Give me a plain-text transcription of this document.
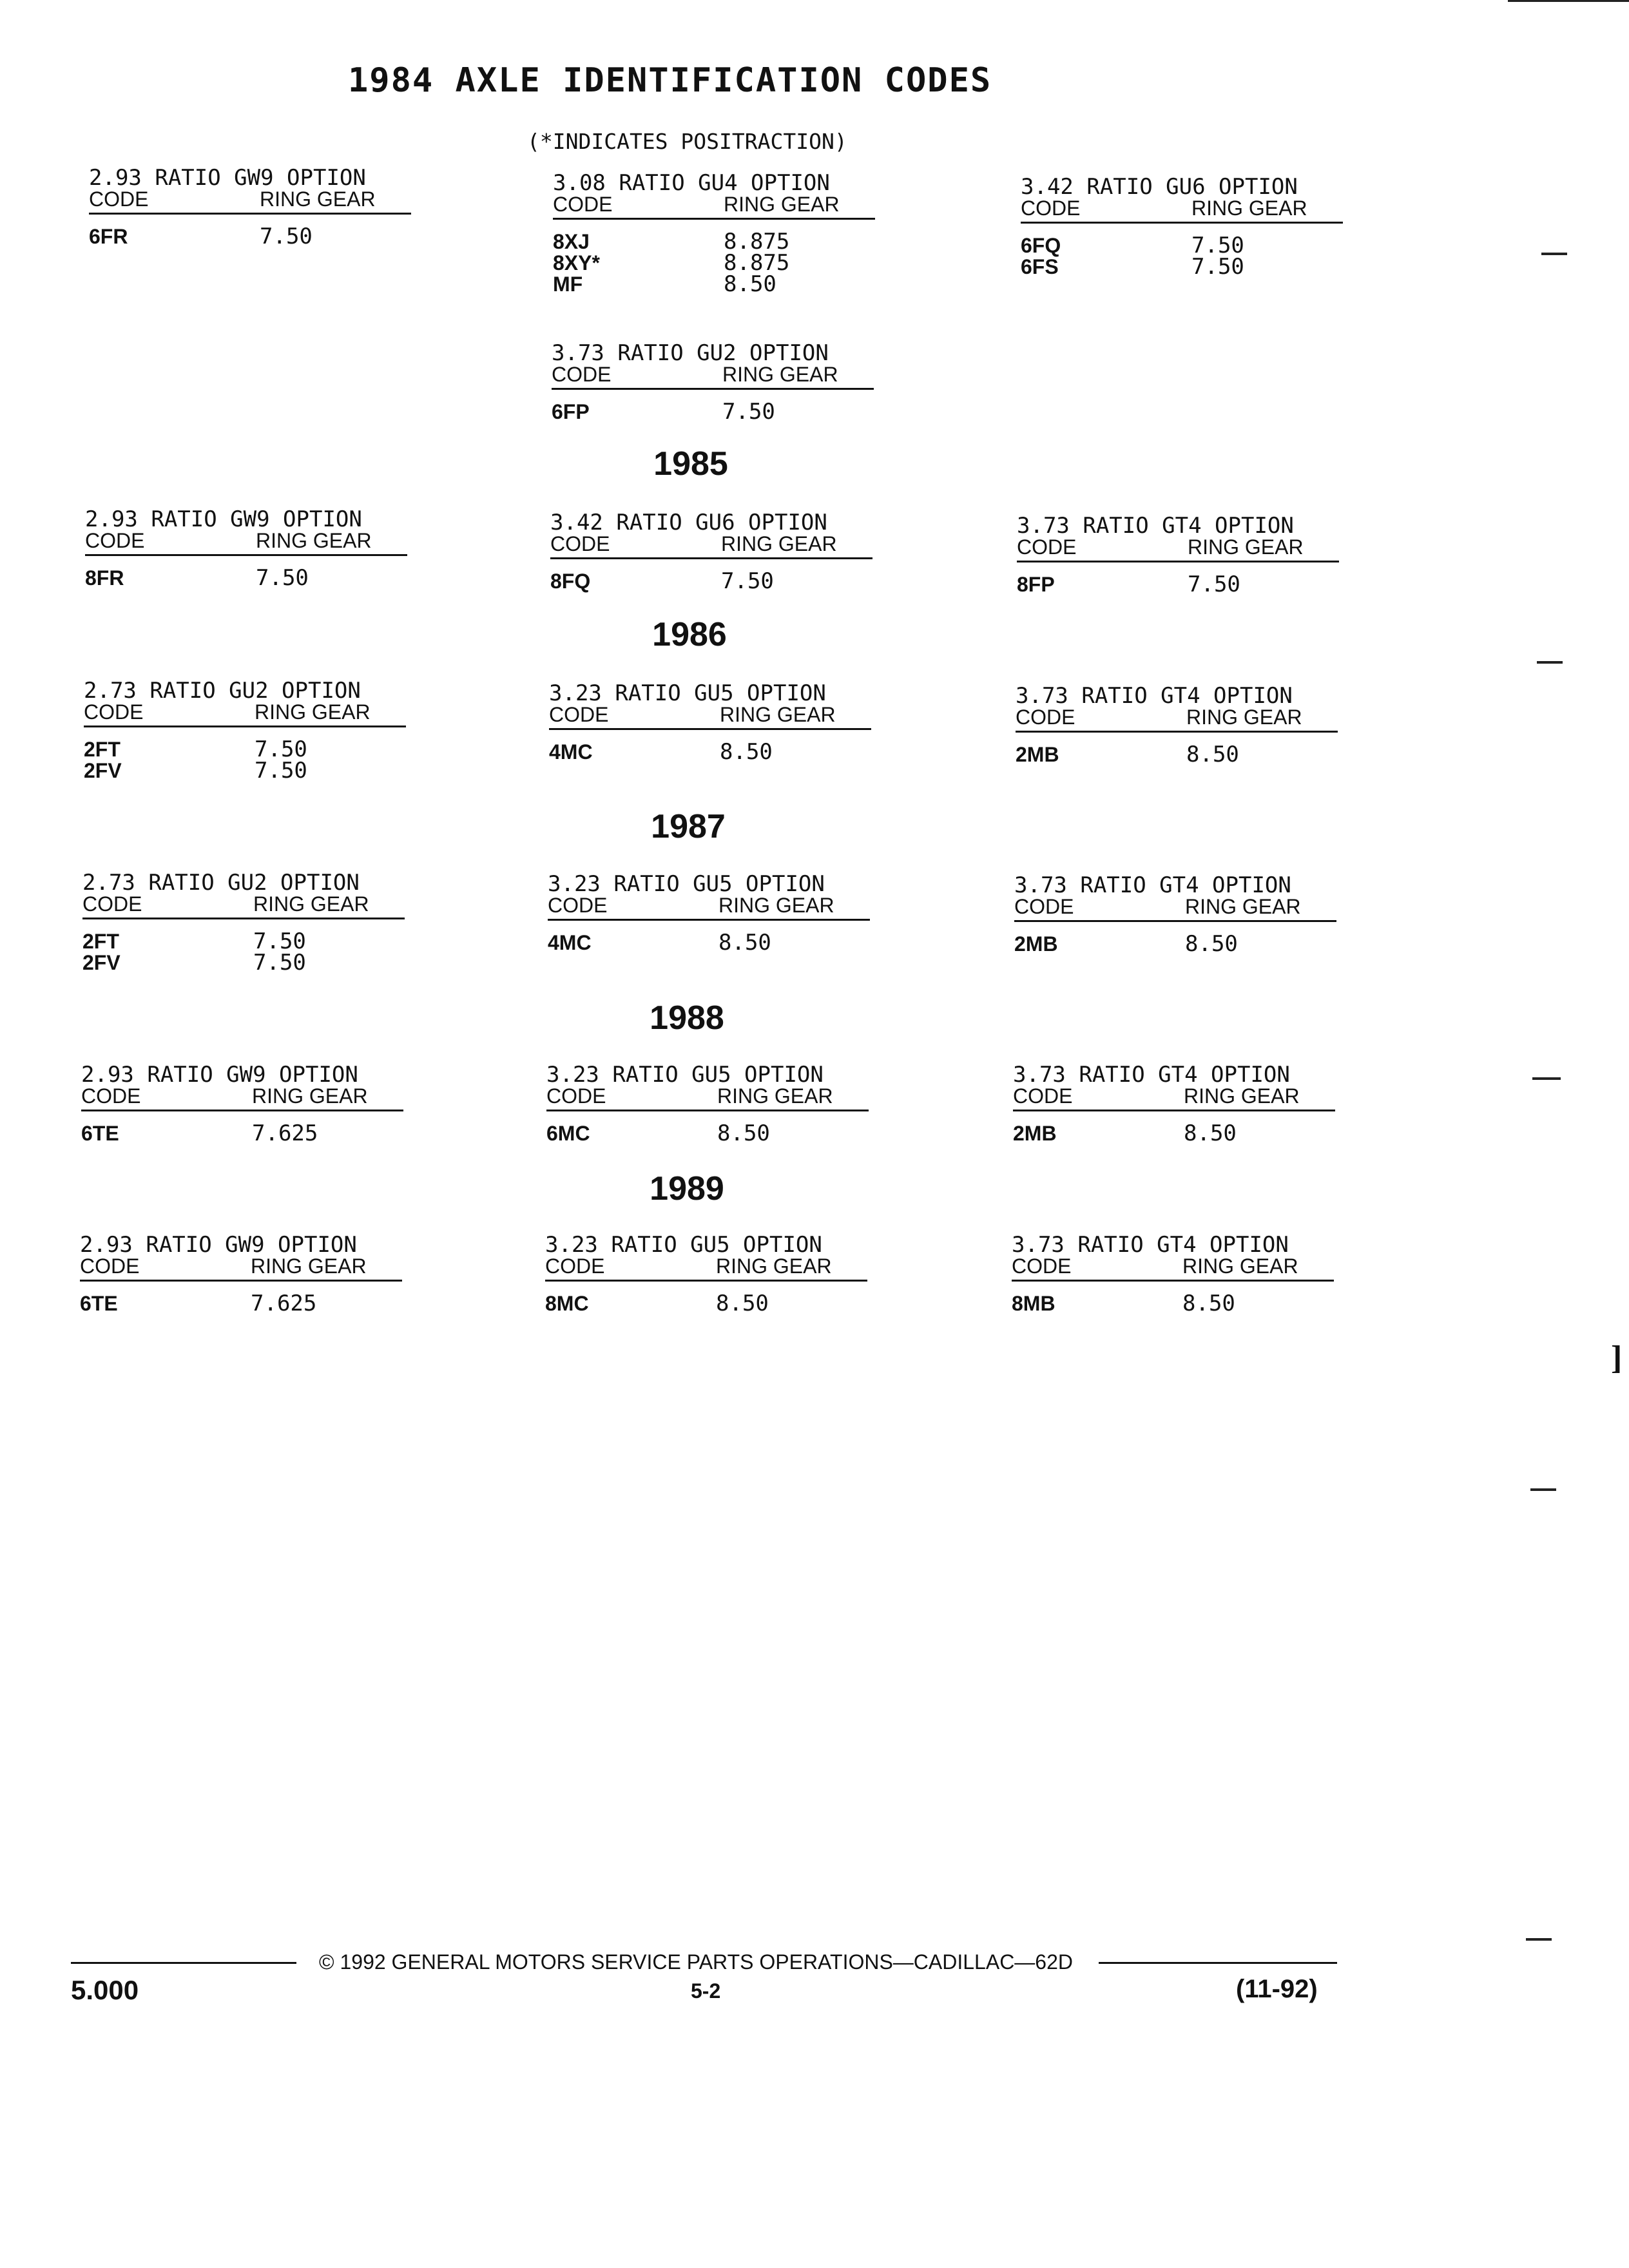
1984 AXLE IDENTIFICATION CODES
(*INDICATES POSITRACTION)
1985
1986
1987
1988
1989
2.93 RATIO GW9 OPTION
CODE	RING GEAR
6FR	7.50
3.08 RATIO GU4 OPTION
CODE	RING GEAR
8XJ	8.875
8XY*	8.875
MF	8.50
3.42 RATIO GU6 OPTION
CODE	RING GEAR
6FQ	7.50
6FS	7.50
3.73 RATIO GU2 OPTION
CODE	RING GEAR
6FP	7.50
2.93 RATIO GW9 OPTION
CODE	RING GEAR
8FR	7.50
3.42 RATIO GU6 OPTION
CODE	RING GEAR
8FQ	7.50
3.73 RATIO GT4 OPTION
CODE	RING GEAR
8FP	7.50
2.73 RATIO GU2 OPTION
CODE	RING GEAR
2FT	7.50
2FV	7.50
3.23 RATIO GU5 OPTION
CODE	RING GEAR
4MC	8.50
3.73 RATIO GT4 OPTION
CODE	RING GEAR
2MB	8.50
2.73 RATIO GU2 OPTION
CODE	RING GEAR
2FT	7.50
2FV	7.50
3.23 RATIO GU5 OPTION
CODE	RING GEAR
4MC	8.50
3.73 RATIO GT4 OPTION
CODE	RING GEAR
2MB	8.50
2.93 RATIO GW9 OPTION
CODE	RING GEAR
6TE	7.625
3.23 RATIO GU5 OPTION
CODE	RING GEAR
6MC	8.50
3.73 RATIO GT4 OPTION
CODE	RING GEAR
2MB	8.50
2.93 RATIO GW9 OPTION
CODE	RING GEAR
6TE	7.625
3.23 RATIO GU5 OPTION
CODE	RING GEAR
8MC	8.50
3.73 RATIO GT4 OPTION
CODE	RING GEAR
8MB	8.50
© 1992 GENERAL MOTORS SERVICE PARTS OPERATIONS—CADILLAC—62D
5.000	5-2	(11-92)
]
